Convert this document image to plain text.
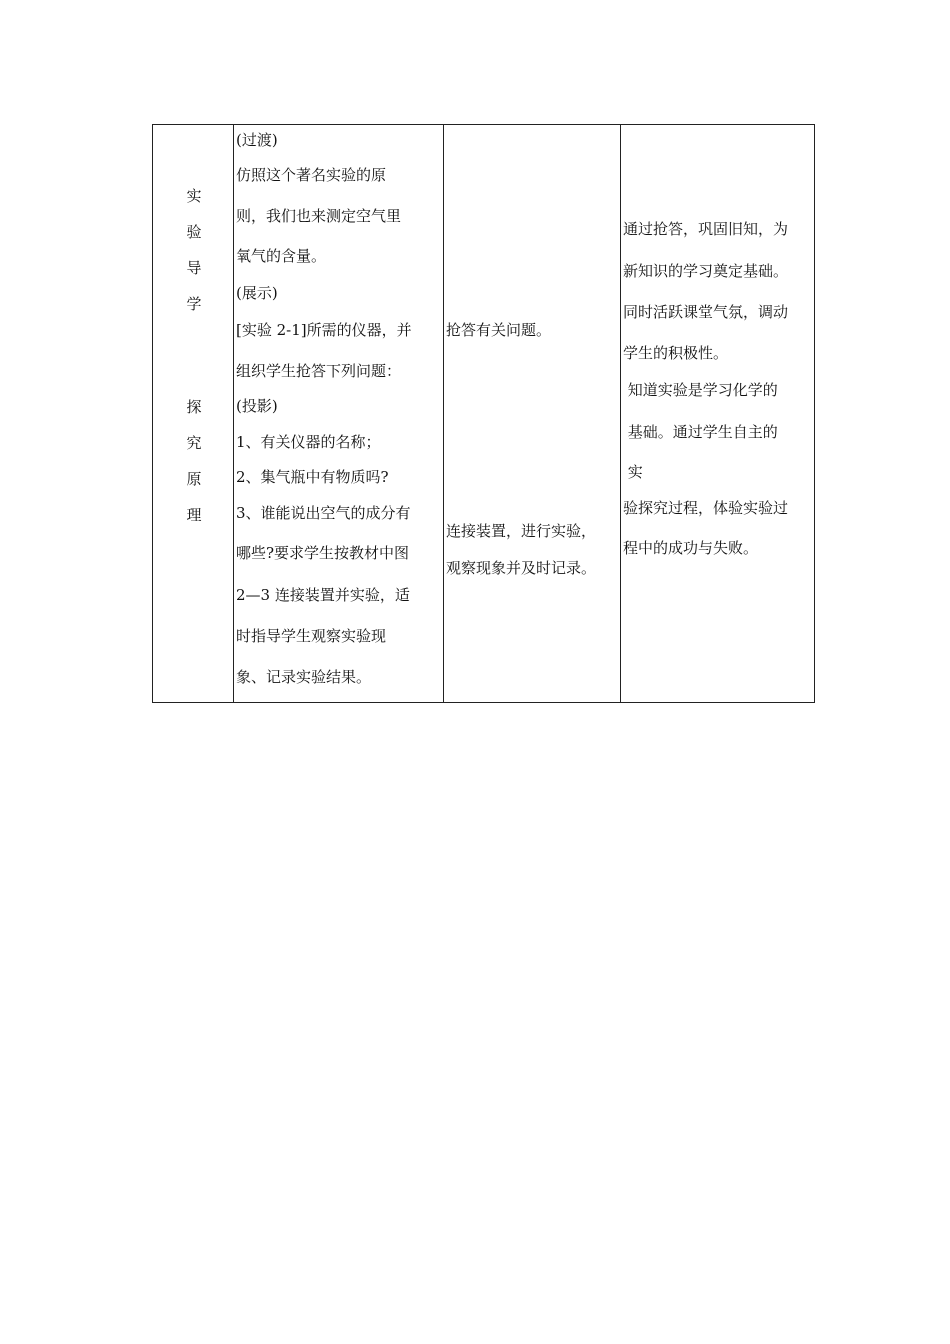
实
验
导
学
探
究
原
理
(过渡)
仿照这个著名实验的原
则，我们也来测定空气里
氧气的含量。
(展示)
[实验 2-1]所需的仪器，并
组织学生抢答下列问题：
(投影)
1、有关仪器的名称；
2、集气瓶中有物质吗?
3、谁能说出空气的成分有
哪些?要求学生按教材中图
2—3 连接装置并实验，适
时指导学生观察实验现
象、记录实验结果。
抢答有关问题。
连接装置，进行实验，
观察现象并及时记录。
通过抢答，巩固旧知，为
新知识的学习奠定基础。
同时活跃课堂气氛，调动
学生的积极性。
知道实验是学习化学的
基础。通过学生自主的
实
验探究过程，体验实验过
程中的成功与失败。
